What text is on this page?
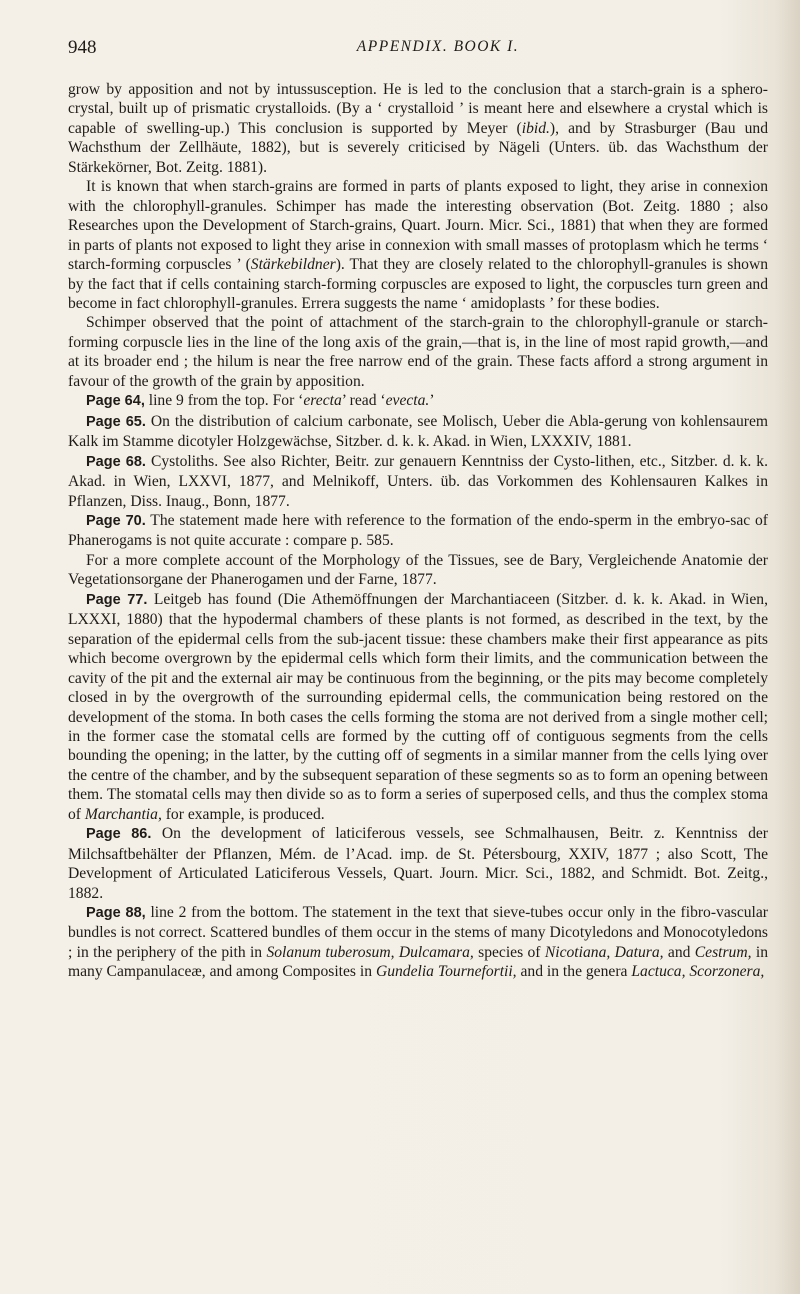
948	APPENDIX. BOOK I.

grow by apposition and not by intussusception. He is led to the conclusion that a starch-grain is a sphero-crystal, built up of prismatic crystalloids. (By a ‘ crystalloid ’ is meant here and elsewhere a crystal which is capable of swelling-up.) This conclusion is supported by Meyer (ibid.), and by Strasburger (Bau und Wachsthum der Zellhäute, 1882), but is severely criticised by Nägeli (Unters. üb. das Wachsthum der Stärkekörner, Bot. Zeitg. 1881).

It is known that when starch-grains are formed in parts of plants exposed to light, they arise in connexion with the chlorophyll-granules. Schimper has made the interesting observation (Bot. Zeitg. 1880 ; also Researches upon the Development of Starch-grains, Quart. Journ. Micr. Sci., 1881) that when they are formed in parts of plants not exposed to light they arise in connexion with small masses of protoplasm which he terms ‘ starch-forming corpuscles ’ (Stärkebildner). That they are closely related to the chlorophyll-granules is shown by the fact that if cells containing starch-forming corpuscles are exposed to light, the corpuscles turn green and become in fact chlorophyll-granules. Errera suggests the name ‘ amidoplasts ’ for these bodies.

Schimper observed that the point of attachment of the starch-grain to the chlorophyll-granule or starch-forming corpuscle lies in the line of the long axis of the grain,—that is, in the line of most rapid growth,—and at its broader end ; the hilum is near the free narrow end of the grain. These facts afford a strong argument in favour of the growth of the grain by apposition.

Page 64, line 9 from the top. For ‘erecta’ read ‘evecta.’

Page 65. On the distribution of calcium carbonate, see Molisch, Ueber die Abla-gerung von kohlensaurem Kalk im Stamme dicotyler Holzgewächse, Sitzber. d. k. k. Akad. in Wien, LXXXIV, 1881.

Page 68. Cystoliths. See also Richter, Beitr. zur genauern Kenntniss der Cysto-lithen, etc., Sitzber. d. k. k. Akad. in Wien, LXXVI, 1877, and Melnikoff, Unters. üb. das Vorkommen des Kohlensauren Kalkes in Pflanzen, Diss. Inaug., Bonn, 1877.

Page 70. The statement made here with reference to the formation of the endo-sperm in the embryo-sac of Phanerogams is not quite accurate : compare p. 585.

For a more complete account of the Morphology of the Tissues, see de Bary, Vergleichende Anatomie der Vegetationsorgane der Phanerogamen und der Farne, 1877.

Page 77. Leitgeb has found (Die Athemöffnungen der Marchantiaceen (Sitzber. d. k. k. Akad. in Wien, LXXXI, 1880) that the hypodermal chambers of these plants is not formed, as described in the text, by the separation of the epidermal cells from the sub-jacent tissue: these chambers make their first appearance as pits which become overgrown by the epidermal cells which form their limits, and the communication between the cavity of the pit and the external air may be continuous from the beginning, or the pits may become completely closed in by the overgrowth of the surrounding epidermal cells, the communication being restored on the development of the stoma. In both cases the cells forming the stoma are not derived from a single mother cell; in the former case the stomatal cells are formed by the cutting off of contiguous segments from the cells bounding the opening; in the latter, by the cutting off of segments in a similar manner from the cells lying over the centre of the chamber, and by the subsequent separation of these segments so as to form an opening between them. The stomatal cells may then divide so as to form a series of superposed cells, and thus the complex stoma of Marchantia, for example, is produced.

Page 86. On the development of laticiferous vessels, see Schmalhausen, Beitr. z. Kenntniss der Milchsaftbehälter der Pflanzen, Mém. de l’Acad. imp. de St. Pétersbourg, XXIV, 1877 ; also Scott, The Development of Articulated Laticiferous Vessels, Quart. Journ. Micr. Sci., 1882, and Schmidt. Bot. Zeitg., 1882.

Page 88, line 2 from the bottom. The statement in the text that sieve-tubes occur only in the fibro-vascular bundles is not correct. Scattered bundles of them occur in the stems of many Dicotyledons and Monocotyledons ; in the periphery of the pith in Solanum tuberosum, Dulcamara, species of Nicotiana, Datura, and Cestrum, in many Campanulaceæ, and among Composites in Gundelia Tournefortii, and in the genera Lactuca, Scorzonera,
